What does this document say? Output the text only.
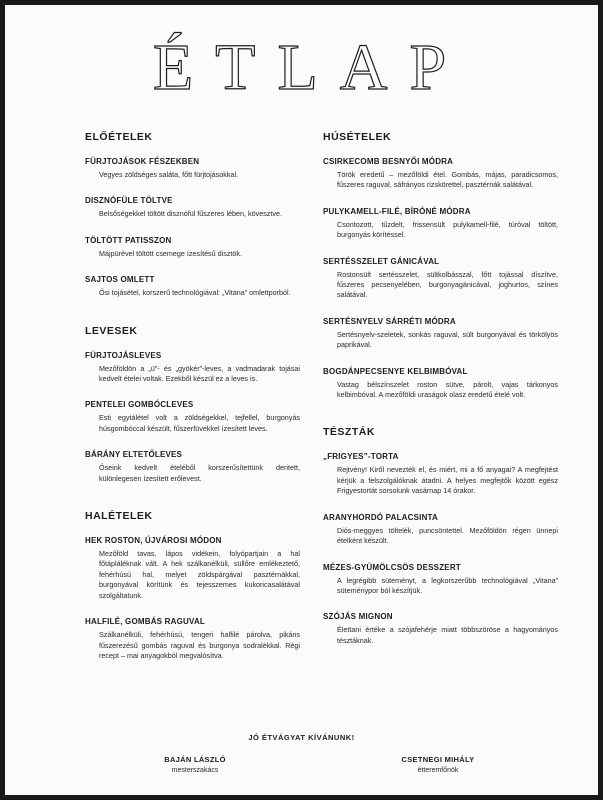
ÉTLAP
ELŐÉTELEK
FÜRJTOJÁSOK FÉSZEKBEN
Vegyes zöldséges saláta, főtt fürjtojásokkal.
DISZNÓFÜLE TÖLTVE
Belsőségekkel töltött disznófül fűszeres lében, kövesztve.
TÖLTÖTT PATISSZON
Májpürével töltött csemege ízesítésű disztök.
SAJTOS OMLETT
Ősi tojásétel, korszerű technológiával: „Vitana” omlettporból.
LEVESEK
FÜRJTOJÁSLEVES
Mezőföldön a „ü”- és „gyökér”-leves, a vadmadarak tojásai kedvelt ételei voltak. Ezekből készül ez a leves is.
PENTELEI GOMBÓCLEVES
Esti egytálétel volt a zöldségekkel, tejfellel, burgonyás húsgombóccal készült, fűszerfüvekkel ízesített leves.
BÁRÁNY ELTETŐLEVES
Őseink kedvelt ételéből korszerűsítettünk deritett, különlegesen ízesített erőlevest.
HALÉTELEK
HEK ROSTON, ÚJVÁROSI MÓDON
Mezőföld tavas, lápos vidékein, folyópartjain a hal főtápláléknak vált. A hek szálkanélküli, süllőre emlékeztető, fehérhúsú hal, melyet zöldspárgával pasztérnákkal, burgonyával körítünk és tejesszemes kukoricasalátával szolgáltatunk.
HALFILÉ, GOMBÁS RAGUVAL
Szálkanélküli, fehérhúsú, tengeri halfilé párolva, pikáns fűszerezésű gombás raguval és burgonya sodralékkal. Régi recept – mai anyagokból megvalósítva.
HÚSÉTELEK
CSIRKECOMB BESNYŐI MÓDRA
Török eredetű – mezőföldi étel. Gombás, májas, paradicsomos, fűszeres raguval, sáfrányos rizskörettel, pasztérnák salátával.
PULYKAMELL-FILÉ, BÍRÓNÉ MÓDRA
Csontozott, tűzdelt, frissensült pulykamell-filé, túróval töltött, burgonyás körítéssel.
SERTÉSSZELET GÁNICÁVAL
Rostonsült sertésszelet, sültkolbásszal, főtt tojással díszítve, fűszeres pecsenyelében, burgonyagánicával, joghurtos, színes salátával.
SERTÉSNYELV SÁRRÉTI MÓDRA
Sertésnyelv-szeletek, sonkás raguval, sült burgonyával és törkölyös paprikával.
BOGDÁNPECSENYE KELBIMBÓVAL
Vastag bélszínszelet roston sütve, párolt, vajas tárkonyos kelbimbóval. A mezőföldi uraságok olasz eredetű ételé volt.
TÉSZTÁK
„FRIGYES”-TORTA
Rejtvény! Kiről nevezték el, és miért, mi a fő anyagai? A megfejtést kérjük a felszolgálóknak átadni. A helyes megfejtők között egész Frigyestortát sorsolunk vasárnap 14 órakor.
ARANYHORDÓ PALACSINTA
Diós-meggyes töltelék, puncsöntettel. Mezőföldön régen ünnepi ételként készült.
MÉZES-GYÜMÖLCSÖS DESSZERT
A legrégibb süteményt, a legkorszerűbb technológiával „Vitana” süteménypor ból készítjük.
SZÓJÁS MIGNON
Élettani értéke a szójafehérje miatt többszöröse a hagyományos tésztáknak.
JÓ ÉTVÁGYAT KÍVÁNUNK!
BAJÁN LÁSZLÓ
mesterszakács
CSETNEGI MIHÁLY
étteremfőnök
